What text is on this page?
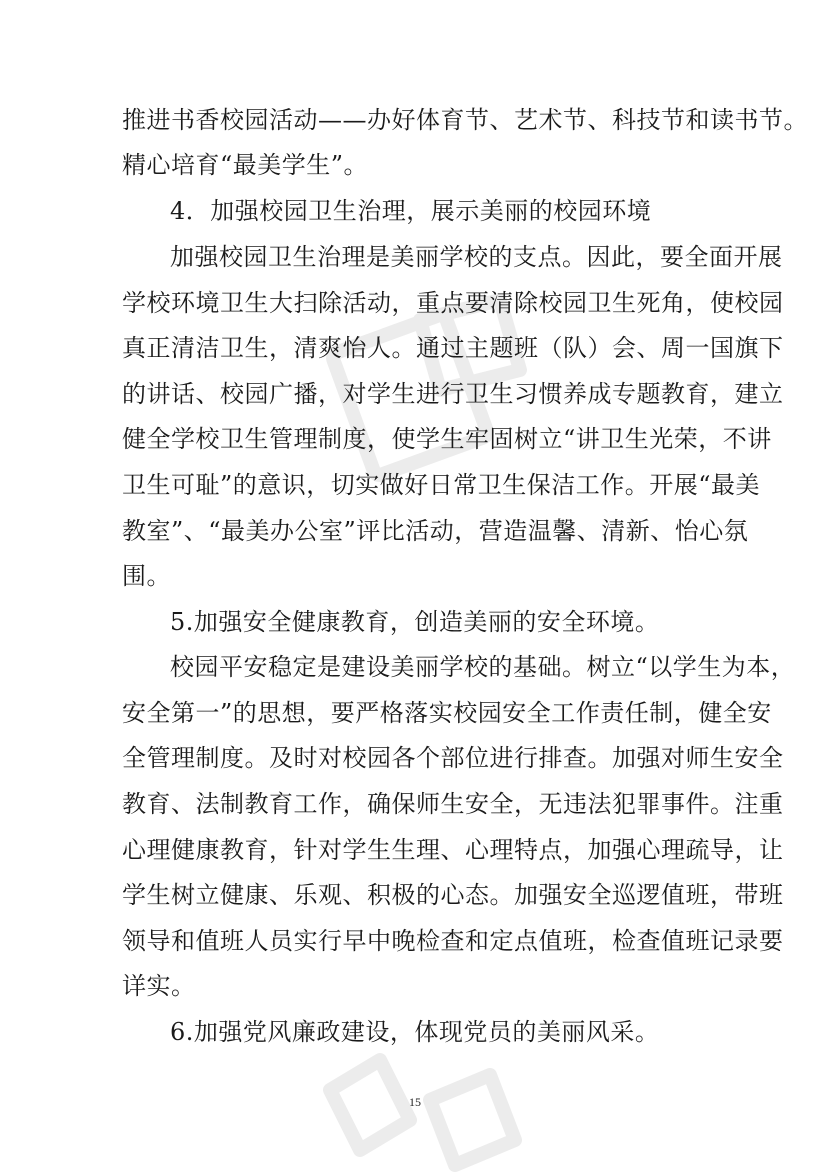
推进书香校园活动——办好体育节、艺术节、科技节和读书节。
精心培育“最美学生”。
4．加强校园卫生治理，展示美丽的校园环境
加强校园卫生治理是美丽学校的支点。因此，要全面开展
学校环境卫生大扫除活动，重点要清除校园卫生死角，使校园
真正清洁卫生，清爽怡人。通过主题班（队）会、周一国旗下
的讲话、校园广播，对学生进行卫生习惯养成专题教育，建立
健全学校卫生管理制度，使学生牢固树立“讲卫生光荣，不讲
卫生可耻”的意识，切实做好日常卫生保洁工作。开展“最美
教室”、“最美办公室”评比活动，营造温馨、清新、怡心氛
围。
5.加强安全健康教育，创造美丽的安全环境。
校园平安稳定是建设美丽学校的基础。树立“以学生为本，
安全第一”的思想，要严格落实校园安全工作责任制，健全安
全管理制度。及时对校园各个部位进行排查。加强对师生安全
教育、法制教育工作，确保师生安全，无违法犯罪事件。注重
心理健康教育，针对学生生理、心理特点，加强心理疏导，让
学生树立健康、乐观、积极的心态。加强安全巡逻值班，带班
领导和值班人员实行早中晚检查和定点值班，检查值班记录要
详实。
6.加强党风廉政建设，体现党员的美丽风采。
15
